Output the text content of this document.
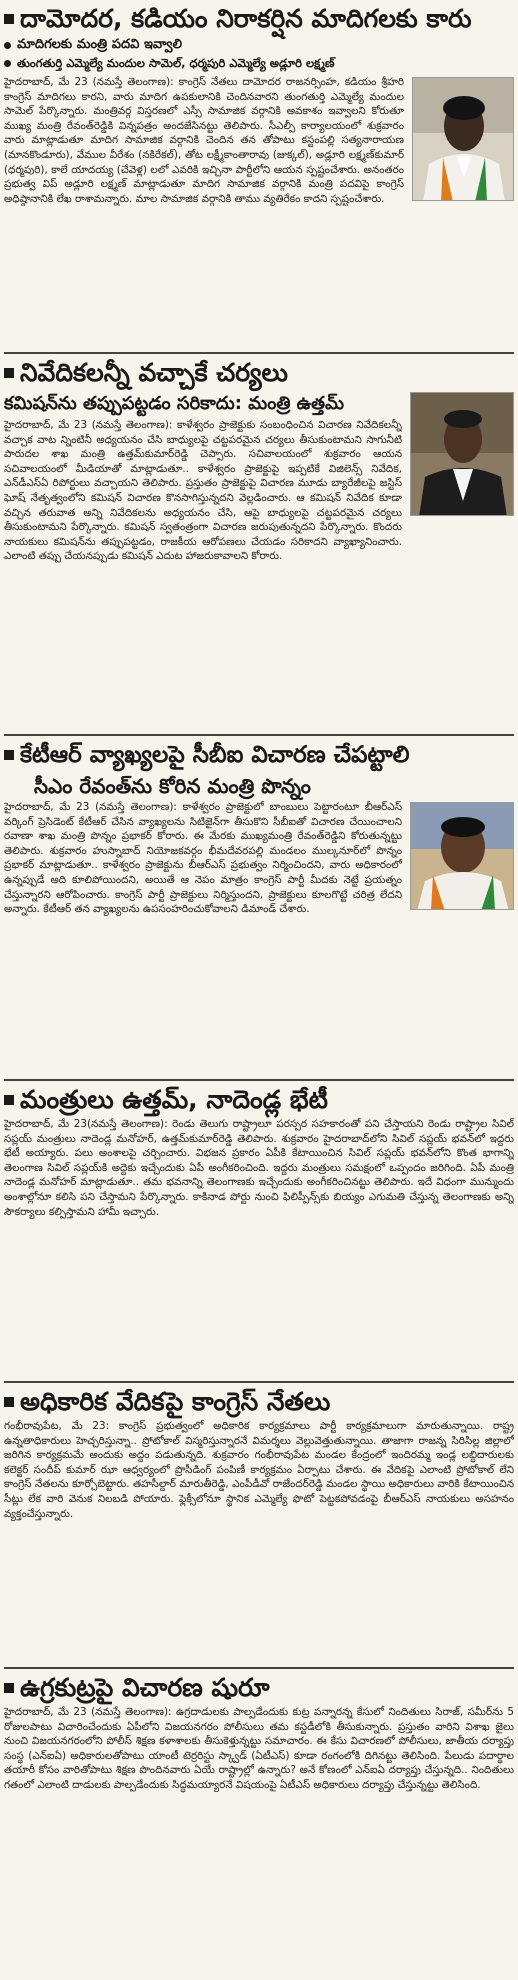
దామోదర, కడియం నిరాకర్షిన మాదిగలకు కారు
మాదిగలకు మంత్రి పదవి ఇవ్వాలి
తుంగతుర్తి ఎమ్మెల్యే మందుల సామెల్, ధర్మపురి ఎమ్మెల్యే అడ్లూరి లక్ష్మణ్
హైదరాబాద్, మే 23 (నమస్తే తెలంగాణ): కాంగ్రెస్ నేతలు దామోదర రాజనర్సింహ, కడియం శ్రీహరి కాంగ్రెస్ మాదిగలు కారని, వారు మాదిగ ఉపకులానికి చెందినవారని తుంగతుర్తి ఎమ్మెల్యే మందుల సామెల్ పేర్కొన్నారు. మంత్రివర్గ విస్తరణలో ఎస్సీ సామాజిక వర్గానికి అవకాశం ఇవ్వాలని కోరుతూ ముఖ్య మంత్రి రేవంత్‌రెడ్డికి విన్నపత్రం అందజేసినట్టు తెలిపారు. సీఎల్పీ కార్యాలయంలో శుక్రవారం వారు మాట్లాడుతూ మాదిగ సామాజిక వర్గానికి చెందిన తన తోపాటు కస్టంపల్లి సత్యనారాయణ (మానకొండూరు), వేముల వీరేశం (నకిరేకల్), తోట లక్ష్మీకాంతారావు (జుక్కల్), అడ్లూరి లక్ష్మణ్‌కుమార్ (ధర్మపురి), కాలే యాదయ్య (చేవెళ్ల) లలో ఎవరికి ఇచ్చినా పార్టీలోని ఆయన స్పష్టంచేశారు. అనంతరం ప్రభుత్వ విప్ అడ్లూరి లక్ష్మణ్ మాట్లాడుతూ మాదిగ సామాజిక వర్గానికి మంత్రి పదవిపై కాంగ్రెస్ అధిష్ఠానానికి లేఖ రాశామన్నారు. మాల సామాజిక వర్గానికి తాము వ్యతిరేకం కాదని స్పష్టంచేశారు.
నివేదికలన్నీ వచ్చాకే చర్యలు
కమిషన్‌ను తప్పుపట్టడం సరికాదు: మంత్రి ఉత్తమ్
హైదరాబాద్, మే 23 (నమస్తే తెలంగాణ): కాళేశ్వరం ప్రాజెక్టుకు సంబంధించిన విచారణ నివేదికలన్నీ వచ్చాక వాట న్నింటినీ అధ్యయనం చేసి బాధ్యులపై చట్టపరమైన చర్యలు తీసుకుంటామని సాగునీటి పారుదల శాఖ మంత్రి ఉత్తమ్‌కుమార్‌రెడ్డి చెప్పారు. సచివాలయంలో శుక్రవారం ఆయన సచివాలయంలో మీడియాతో మాట్లాడుతూ.. కాళేశ్వరం ప్రాజెక్టుపై ఇప్పటికే విజిలెన్స్ నివేదిక, ఎన్‌డీఎస్‌ఏ రిపోర్టులు వచ్చాయని తెలిపారు. ప్రస్తుతం ప్రాజెక్టుపై విచారణ మూడు బ్యారేజీలపై జస్టిస్ ఘోష్ నేతృత్వంలోని కమిషన్ విచారణ కొనసాగిస్తున్నదని వెల్లడించారు. ఆ కమిషన్ నివేదిక కూడా వచ్చిన తరువాత అన్ని నివేదికలను అధ్యయనం చేసి, ఆపై బాధ్యులపై చట్టపరమైన చర్యలు తీసుకుంటామని పేర్కొన్నారు. కమిషన్ స్వతంత్రంగా విచారణ జరుపుతున్నదని పేర్కొన్నారు. కొందరు నాయకులు కమిషన్‌ను తప్పుపట్టడం, రాజకీయ ఆరోపణలు చేయడం సరికాదని వ్యాఖ్యానించారు. ఎలాంటి తప్పు చేయనప్పుడు కమిషన్ ఎదుట హాజరుకావాలని కోరారు.
కేటీఆర్ వ్యాఖ్యలపై సీబీఐ విచారణ చేపట్టాలి
సీఎం రేవంత్‌ను కోరిన మంత్రి పొన్నం
హైదరాబాద్, మే 23 (నమస్తే తెలంగాణ): కాళేశ్వరం ప్రాజెక్టులో బాంబులు పెట్టారంటూ బీఆర్‌ఎస్ వర్కింగ్ ప్రెసిడెంట్ కేటీఆర్ చేసిన వ్యాఖ్యలను సిటిజైన్‌గా తీసుకొని సీబీఐతో విచారణ చేయించాలని రవాణా శాఖ మంత్రి పొన్నం ప్రభాకర్ కోరారు. ఈ మేరకు ముఖ్యమంత్రి రేవంత్‌రెడ్డిని కోరుతున్నట్టు తెలిపారు. శుక్రవారం హుస్నాబాద్ నియోజకవర్గం భీమదేవరపల్లి మండలం ముల్కనూర్‌లో పొన్నం ప్రభాకర్ మాట్లాడుతూ.. కాళేశ్వరం ప్రాజెక్టును బీఆర్‌ఎస్ ప్రభుత్వం నిర్మించిందని, వారు అధికారంలో ఉన్నప్పుడే అది కూలిపోయిందని, అయితే ఆ నెపం మాత్రం కాంగ్రెస్ పార్టీ మీదకు నెట్టే ప్రయత్నం చేస్తున్నారని ఆరోపించారు. కాంగ్రెస్ పార్టీ ప్రాజెక్టులు నిర్మిస్తుందని, ప్రాజెక్టులు కూలగొట్టే చరిత్ర లేదని అన్నారు. కేటీఆర్ తన వ్యాఖ్యలను ఉపసంహరించుకోవాలని డిమాండ్ చేశారు.
మంత్రులు ఉత్తమ్, నాదెండ్ల భేటీ
హైదరాబాద్, మే 23(నమస్తే తెలంగాణ): రెండు తెలుగు రాష్ట్రాలూ పరస్పర సహకారంతో పని చేస్తాయని రెండు రాష్ట్రాల సివిల్ సప్లయ్ మంత్రులు నాదెండ్ల మనోహర్, ఉత్తమ్‌కుమార్‌రెడ్డి తెలిపారు. శుక్రవారం హైదరాబాద్‌లోని సివిల్ సప్లయ్ భవన్‌లో ఇద్దరు భేటీ అయ్యారు. పలు అంశాలపై చర్చించారు. విభజన ప్రకారం ఏపీకి కేటాయించిన సివిల్ సప్లయ్ భవన్‌లోని కొంత భాగాన్ని తెలంగాణ సివిల్ సప్లయ్‌కి అద్దెకు ఇచ్చేందుకు ఏపీ అంగీకరించింది. ఇద్దరు మంత్రులు సమక్షంలో ఒప్పందం జరిగింది. ఏపీ మంత్రి నాదెండ్ల మనోహర్ మాట్లాడుతూ.. తమ భవనాన్ని తెలంగాణకు ఇచ్చేందుకు అంగీకరించినట్టు తెలిపారు. ఇదే విధంగా మున్ముందు అంశాల్లోనూ కలిసి పని చేస్తామని పేర్కొన్నారు. కాకినాడ పోర్టు నుంచి ఫిలిప్పీన్స్‌కు బియ్యం ఎగుమతి చేస్తున్న తెలంగాణకు అన్ని సౌకర్యాలు కల్పిస్తామని హామీ ఇచ్చారు.
అధికారిక వేదికపై కాంగ్రెస్ నేతలు
గంభీరావుపేట, మే 23: కాంగ్రెస్ ప్రభుత్వంలో అధికారిక కార్యక్రమాలు పార్టీ కార్యక్రమాలుగా మారుతున్నాయి. రాష్ట్ర ఉన్నతాధికారులు హెచ్చరిస్తున్నా.. ప్రోటోకాల్ విస్మరిస్తున్నారనే విమర్శలు వెల్లువెత్తుతున్నాయి. తాజాగా రాజన్న సిరిసిల్ల జిల్లాలో జరిగిన కార్యక్రమమే అందుకు అద్దం పడుతున్నది. శుక్రవారం గంభీరావుపేట మండల కేంద్రంలో ఇందిరమ్మ ఇండ్ల లబ్ధిదారులకు కలెక్టర్ సందీప్ కుమార్ ఝా ఆధ్వర్యంలో ప్రొసీడింగ్ పంపిణీ కార్యక్రమం ఏర్పాటు చేశారు. ఈ వేదికపై ఎలాంటి ప్రోటోకాల్ లేని కాంగ్రెస్ నేతలను కూర్చోబెట్టారు. తహసీల్దార్ మారుతీరెడ్డి, ఎంపీడీవో రాజేందర్‌రెడ్డి మండల స్థాయి అధికారులు వారికి కేటాయించిన సీట్లు లేక వారి వెనుక నిలబడి పోయారు. ఫ్లెక్సీలోనూ స్థానిక ఎమ్మెల్యే ఫొటో పెట్టకపోవడంపై బీఆర్‌ఎస్ నాయకులు అసహనం వ్యక్తంచేస్తున్నారు.
ఉగ్రకుట్రపై విచారణ షురూ
హైదరాబాద్, మే 23 (నమస్తే తెలంగాణ): ఉగ్రదాడులకు పాల్పడేందుకు కుట్ర పన్నారన్న కేసులో నిందితులు సిరాజ్, సమీర్‌ను 5 రోజులపాటు విచారించేందుకు ఏపీలోని విజయనగరం పోలీసులు తమ కస్టడీలోకి తీసుకున్నారు. ప్రస్తుతం వారిని విశాఖ జైలు నుంచి విజయనగరంలోని పోలీస్ శిక్షణ కళాశాలకు తీసుకెళ్తున్నట్టు సమాచారం. ఈ కేసు విచారణలో పోలీసులు, జాతీయ దర్యాప్తు సంస్థ (ఎన్‌ఐఏ) అధికారులతోపాటు యాంటీ టెర్రరిస్టు స్క్వాడ్ (ఏటీఎస్) కూడా రంగంలోకి దిగినట్టు తెలిసింది. పేలుడు పదార్థాల తయారీ కోసం వారితోపాటు శిక్షణ పొందినవారు ఏయే రాష్ట్రాల్లో ఉన్నారు? అనే కోణంలో ఎన్‌ఐఏ దర్యాప్తు చేస్తున్నది.. నిందితులు గతంలో ఎలాంటి దాడులకు పాల్పడేందుకు సిద్ధమయ్యారనే విషయంపై ఏటీఎస్ అధికారులు దర్యాప్తు చేస్తున్నట్టు తెలిసింది.
